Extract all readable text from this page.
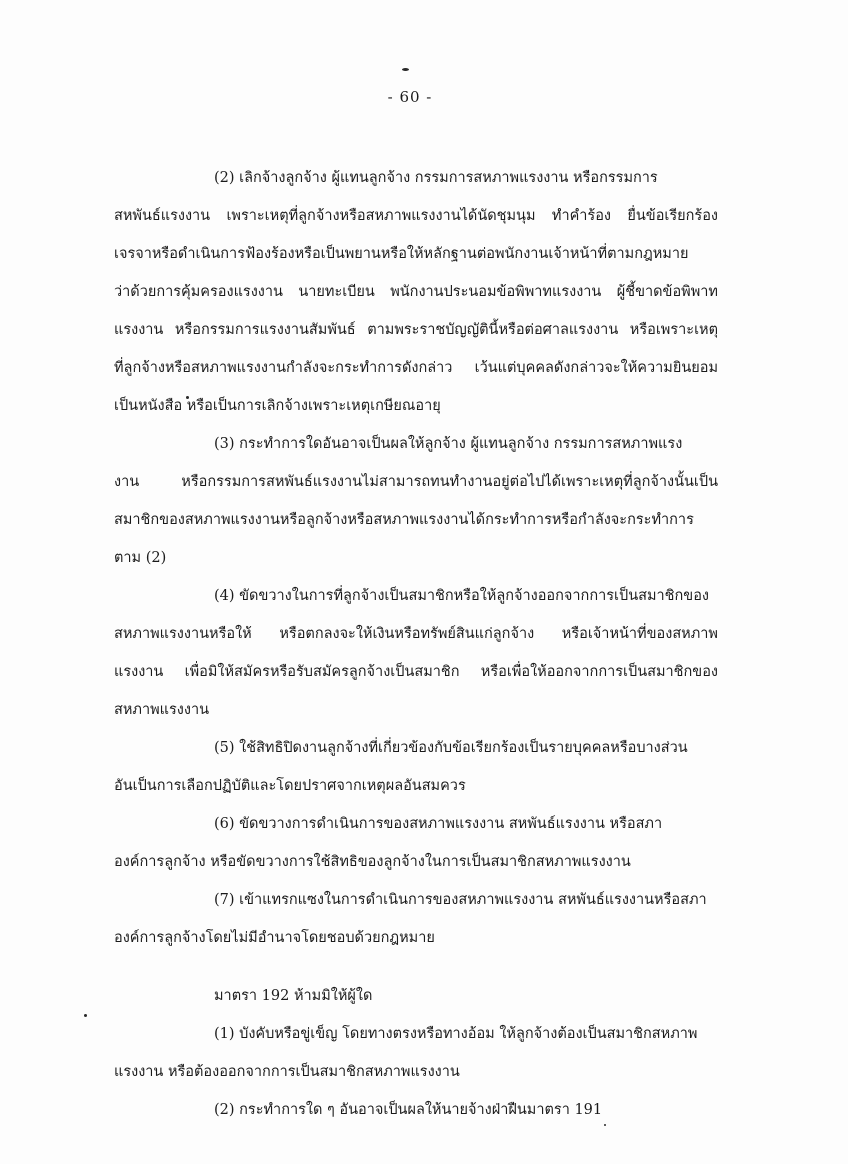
- 60 -
(2) เลิกจ้างลูกจ้าง ผู้แทนลูกจ้าง กรรมการสหภาพแรงงาน หรือกรรมการ
สหพันธ์แรงงาน เพราะเหตุที่ลูกจ้างหรือสหภาพแรงงานได้นัดชุมนุม ทำคำร้อง ยื่นข้อเรียกร้อง
เจรจาหรือดำเนินการฟ้องร้องหรือเป็นพยานหรือให้หลักฐานต่อพนักงานเจ้าหน้าที่ตามกฎหมาย
ว่าด้วยการคุ้มครองแรงงาน นายทะเบียน พนักงานประนอมข้อพิพาทแรงงาน ผู้ชี้ขาดข้อพิพาท
แรงงาน หรือกรรมการแรงงานสัมพันธ์ ตามพระราชบัญญัตินี้หรือต่อศาลแรงงาน หรือเพราะเหตุ
ที่ลูกจ้างหรือสหภาพแรงงานกำลังจะกระทำการดังกล่าว เว้นแต่บุคคลดังกล่าวจะให้ความยินยอม
เป็นหนังสือ หรือเป็นการเลิกจ้างเพราะเหตุเกษียณอายุ
(3) กระทำการใดอันอาจเป็นผลให้ลูกจ้าง ผู้แทนลูกจ้าง กรรมการสหภาพแรง
งาน หรือกรรมการสหพันธ์แรงงานไม่สามารถทนทำงานอยู่ต่อไปได้เพราะเหตุที่ลูกจ้างนั้นเป็น
สมาชิกของสหภาพแรงงานหรือลูกจ้างหรือสหภาพแรงงานได้กระทำการหรือกำลังจะกระทำการ
ตาม (2)
(4) ขัดขวางในการที่ลูกจ้างเป็นสมาชิกหรือให้ลูกจ้างออกจากการเป็นสมาชิกของ
สหภาพแรงงานหรือให้ หรือตกลงจะให้เงินหรือทรัพย์สินแก่ลูกจ้าง หรือเจ้าหน้าที่ของสหภาพ
แรงงาน เพื่อมิให้สมัครหรือรับสมัครลูกจ้างเป็นสมาชิก หรือเพื่อให้ออกจากการเป็นสมาชิกของ
สหภาพแรงงาน
(5) ใช้สิทธิปิดงานลูกจ้างที่เกี่ยวข้องกับข้อเรียกร้องเป็นรายบุคคลหรือบางส่วน
อันเป็นการเลือกปฏิบัติและโดยปราศจากเหตุผลอันสมควร
(6) ขัดขวางการดำเนินการของสหภาพแรงงาน สหพันธ์แรงงาน หรือสภา
องค์การลูกจ้าง หรือขัดขวางการใช้สิทธิของลูกจ้างในการเป็นสมาชิกสหภาพแรงงาน
(7) เข้าแทรกแซงในการดำเนินการของสหภาพแรงงาน สหพันธ์แรงงานหรือสภา
องค์การลูกจ้างโดยไม่มีอำนาจโดยชอบด้วยกฎหมาย
มาตรา 192 ห้ามมิให้ผู้ใด
(1) บังคับหรือขู่เข็ญ โดยทางตรงหรือทางอ้อม ให้ลูกจ้างต้องเป็นสมาชิกสหภาพ
แรงงาน หรือต้องออกจากการเป็นสมาชิกสหภาพแรงงาน
(2) กระทำการใด ๆ อันอาจเป็นผลให้นายจ้างฝ่าฝืนมาตรา 191
